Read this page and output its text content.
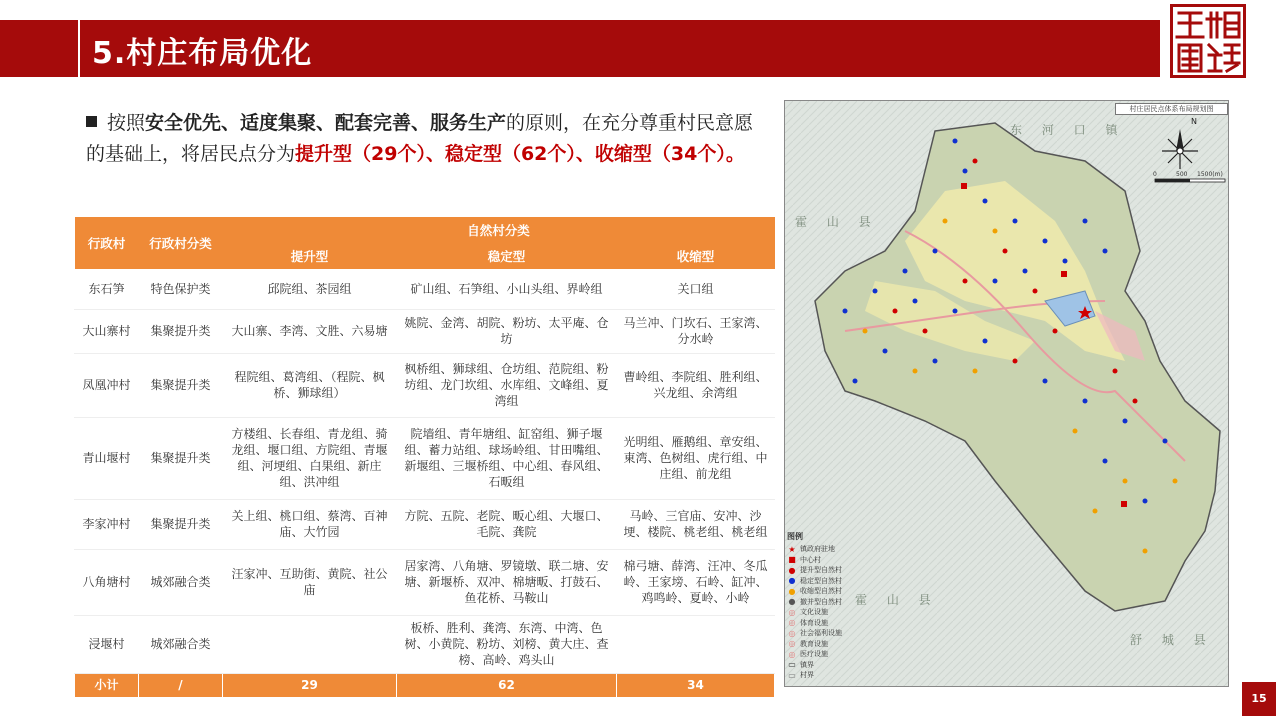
5.村庄布局优化
按照安全优先、适度集聚、配套完善、服务生产的原则，在充分尊重村民意愿的基础上，将居民点分为提升型（29个）、稳定型（62个）、收缩型（34个）。
行政村	行政村分类	自然村分类		
		提升型	稳定型	收缩型
东石笋	特色保护类	邱院组、茶园组	矿山组、石笋组、小山头组、界岭组	关口组
大山寨村	集聚提升类	大山寨、李湾、文胜、六易塘	姚院、金湾、胡院、粉坊、太平庵、仓坊	马兰冲、门坎石、王家湾、分水岭
凤凰冲村	集聚提升类	程院组、葛湾组、（程院、枫桥、狮球组）	枫桥组、狮球组、仓坊组、范院组、粉坊组、龙门坎组、水库组、文峰组、夏湾组	曹岭组、李院组、胜利组、兴龙组、余湾组
青山堰村	集聚提升类	方楼组、长春组、青龙组、骑龙组、堰口组、方院组、青堰组、河埂组、白果组、新庄组、洪冲组	院墙组、青年塘组、缸窑组、狮子堰组、蓄力站组、球场岭组、甘田嘴组、新堰组、三堰桥组、中心组、春风组、石畈组	光明组、雁鹅组、章安组、東湾、色树组、虎行组、中庄组、前龙组
李家冲村	集聚提升类	关上组、桃口组、蔡湾、百神庙、大竹园	方院、五院、老院、畈心组、大堰口、毛院、龚院	马岭、三官庙、安冲、沙埂、楼院、桃老组、桃老组
八角塘村	城郊融合类	汪家冲、互助街、黄院、社公庙	居家湾、八角塘、罗镜墩、联二塘、安塘、新堰桥、双冲、棉塘畈、打鼓石、鱼花桥、马鞍山	棉弓塘、薛湾、汪冲、冬瓜岭、王家塝、石岭、缸冲、鸡鸣岭、夏岭、小岭
浸堰村	城郊融合类		板桥、胜利、龚湾、东湾、中湾、色树、小黄院、粉坊、刘榜、黄大庄、查榜、高岭、鸡头山	
小计	/	29	62	34
村庄居民点体系布局规划图
N
0	500 1500(m)
东 河 口 镇
霍 山 县
霍 山 县
舒 城 县
图例
★ 镇政府驻地
■ 中心村
● 提升型自然村
● 稳定型自然村
● 收缩型自然村
● 撤并型自然村
◎ 文化设施
◎ 体育设施
◎ 社会福利设施
◎ 教育设施
◎ 医疗设施
▭ 镇界
▭ 村界
15
